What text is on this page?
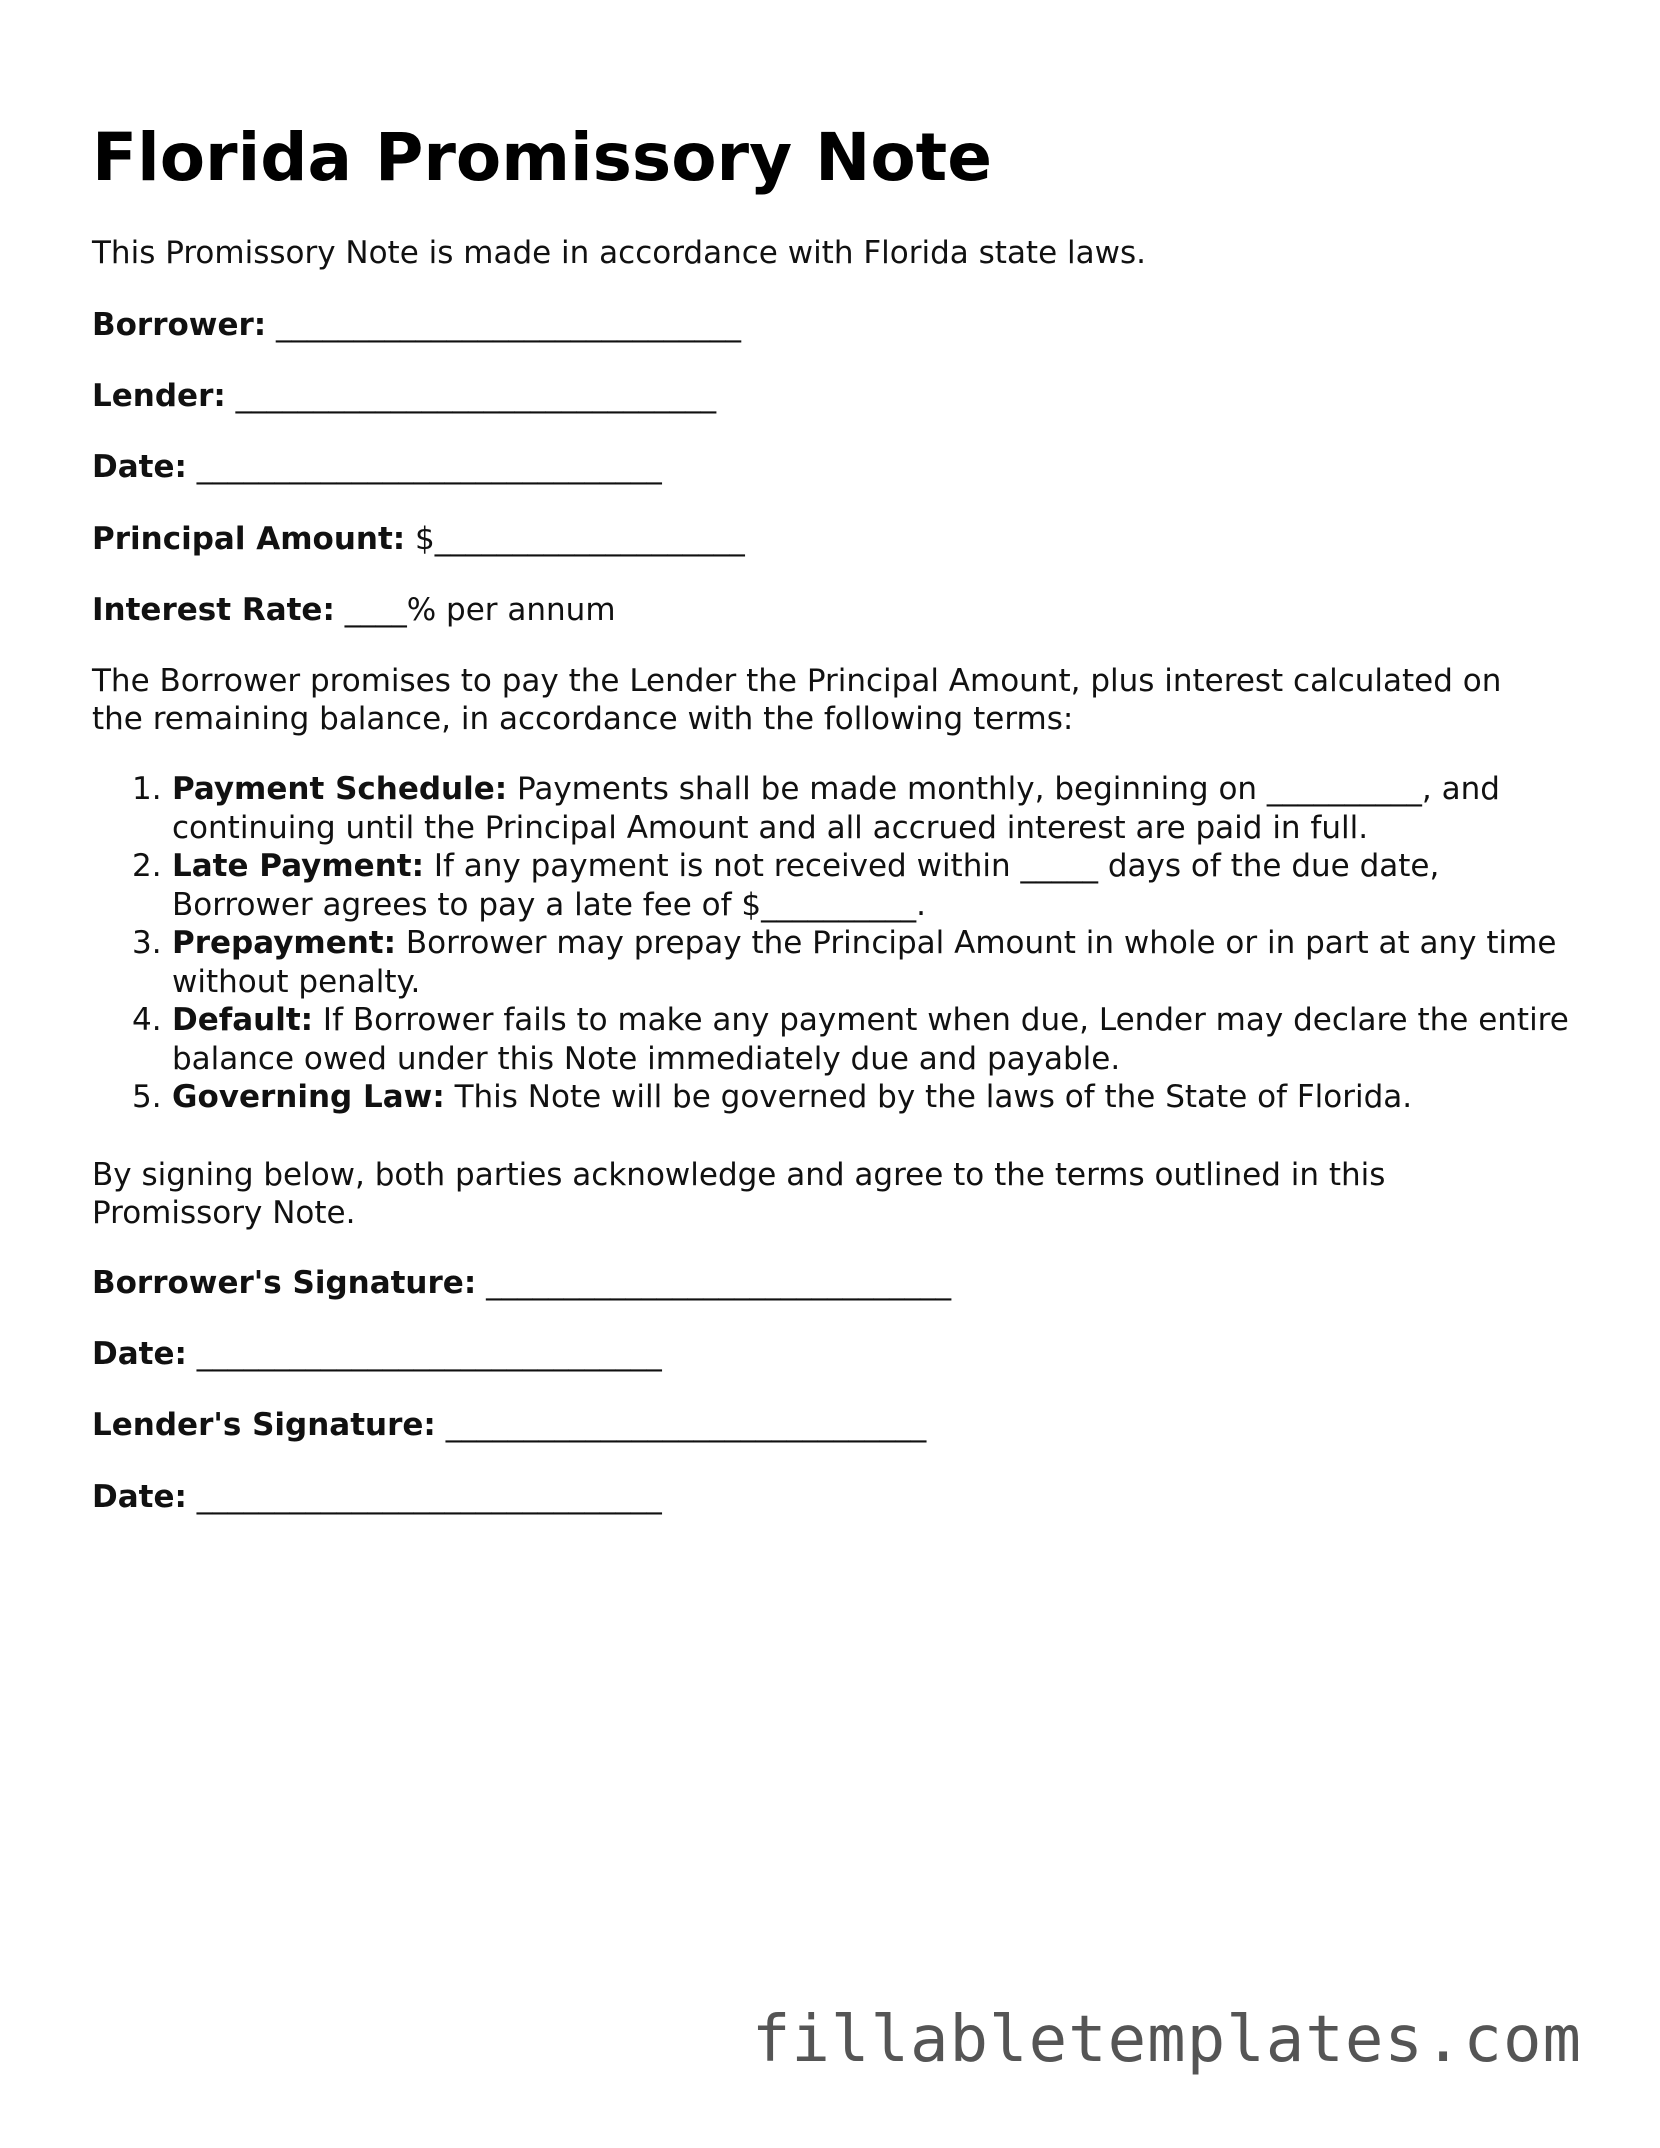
Florida Promissory Note

This Promissory Note is made in accordance with Florida state laws.

Borrower: ______________________________

Lender: _______________________________

Date: ______________________________

Principal Amount: $____________________

Interest Rate: ____% per annum

The Borrower promises to pay the Lender the Principal Amount, plus interest calculated on the remaining balance, in accordance with the following terms:

1. Payment Schedule: Payments shall be made monthly, beginning on __________, and continuing until the Principal Amount and all accrued interest are paid in full.
2. Late Payment: If any payment is not received within _____ days of the due date, Borrower agrees to pay a late fee of $__________.
3. Prepayment: Borrower may prepay the Principal Amount in whole or in part at any time without penalty.
4. Default: If Borrower fails to make any payment when due, Lender may declare the entire balance owed under this Note immediately due and payable.
5. Governing Law: This Note will be governed by the laws of the State of Florida.

By signing below, both parties acknowledge and agree to the terms outlined in this Promissory Note.

Borrower's Signature: ______________________________

Date: ______________________________

Lender's Signature: _______________________________

Date: ______________________________

fillabletemplates.com
